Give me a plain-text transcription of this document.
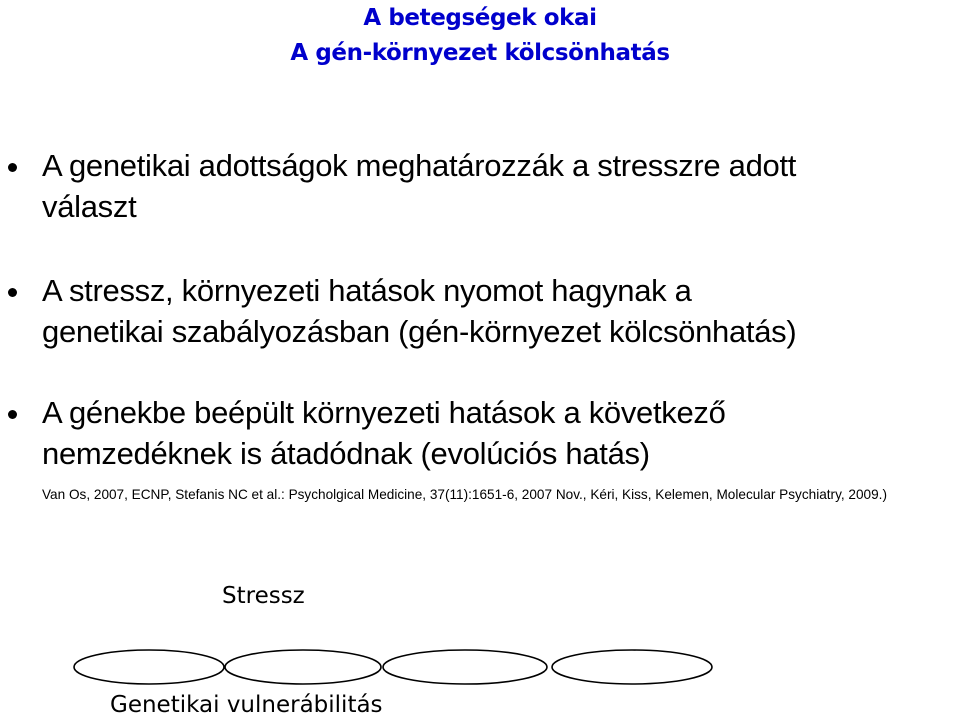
A betegségek okai
A gén-környezet kölcsönhatás
A genetikai adottságok meghatározzák a stresszre adott
választ
A stressz, környezeti hatások nyomot hagynak a
genetikai szabályozásban (gén-környezet kölcsönhatás)
A génekbe beépült környezeti hatások a következő
nemzedéknek is átadódnak (evolúciós hatás)
Van Os, 2007, ECNP, Stefanis NC et al.: Psycholgical Medicine, 37(11):1651-6, 2007 Nov., Kéri, Kiss, Kelemen, Molecular Psychiatry, 2009.)
Stressz
Genetikai vulnerábilitás
